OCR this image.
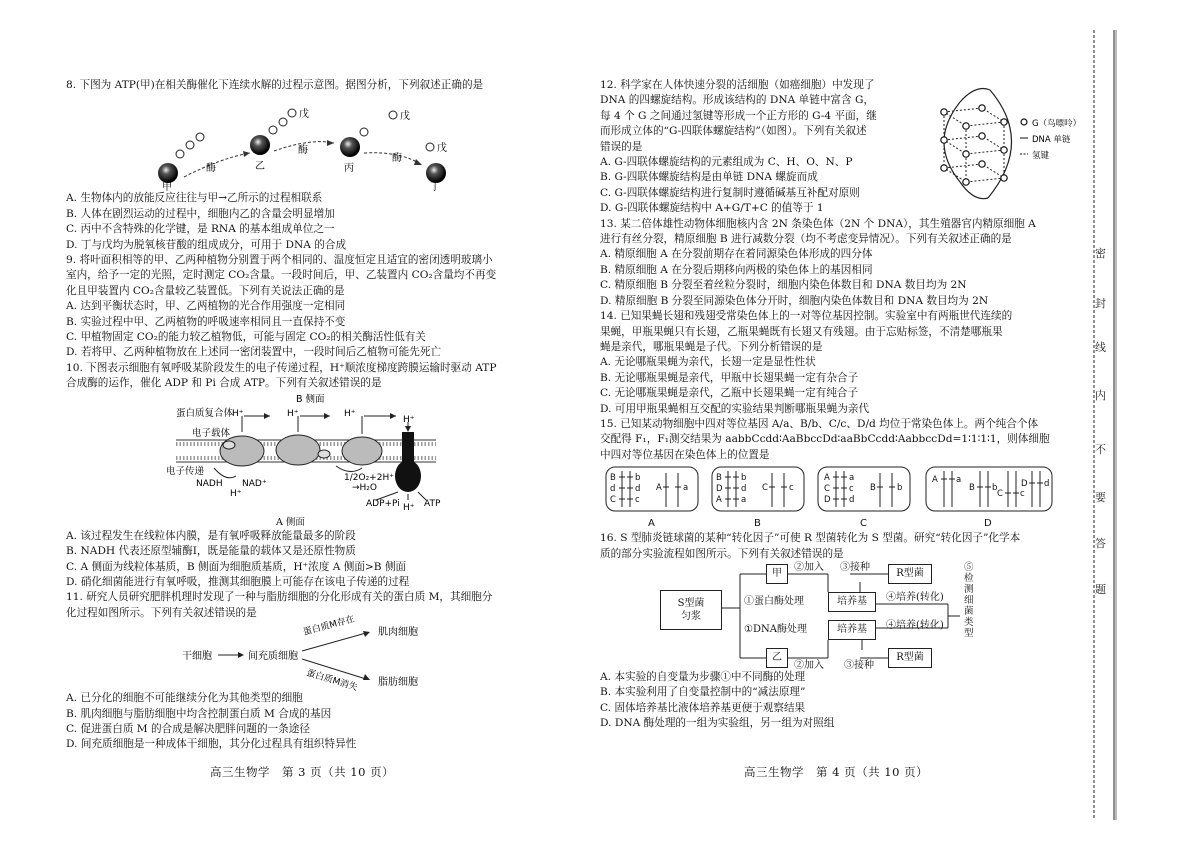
8. 下图为 ATP(甲)在相关酶催化下连续水解的过程示意图。据图分析，下列叙述正确的是
甲
乙	丙
丁
酶
酶
酶
戊	戊
戊
A. 生物体内的放能反应往往与甲→乙所示的过程相联系
B. 人体在剧烈运动的过程中，细胞内乙的含量会明显增加
C. 丙中不含特殊的化学键，是 RNA 的基本组成单位之一
D. 丁与戊均为脱氧核苷酸的组成成分，可用于 DNA 的合成
9. 将叶面积相等的甲、乙两种植物分别置于两个相同的、温度恒定且适宜的密闭透明玻璃小
室内，给予一定的光照，定时测定 CO₂含量。一段时间后，甲、乙装置内 CO₂含量均不再变
化且甲装置内 CO₂含量较乙装置低。下列有关说法正确的是
A. 达到平衡状态时，甲、乙两植物的光合作用强度一定相同
B. 实验过程中甲、乙两植物的呼吸速率相同且一直保持不变
C. 甲植物固定 CO₂的能力较乙植物低，可能与固定 CO₂的相关酶活性低有关
D. 若将甲、乙两种植物放在上述同一密闭装置中，一段时间后乙植物可能先死亡
10. 下图表示细胞有氧呼吸某阶段发生的电子传递过程，H⁺顺浓度梯度跨膜运输时驱动 ATP
合成酶的运作，催化 ADP 和 Pi 合成 ATP。下列有关叙述错误的是
B 侧面
蛋白质复合体
H⁺	H⁺	H⁺
H⁺
电子载体
电子传递
NADH NAD⁺
H⁺
1/2O₂+2H⁺
→H₂O
H⁺
ADP+Pi	ATP
A 侧面
A. 该过程发生在线粒体内膜，是有氧呼吸释放能量最多的阶段
B. NADH 代表还原型辅酶Ⅰ，既是能量的载体又是还原性物质
C. A 侧面为线粒体基质，B 侧面为细胞质基质，H⁺浓度 A 侧面>B 侧面
D. 硝化细菌能进行有氧呼吸，推测其细胞膜上可能存在该电子传递的过程
11. 研究人员研究肥胖机理时发现了一种与脂肪细胞的分化形成有关的蛋白质 M，其细胞分
化过程如图所示。下列有关叙述错误的是
干细胞	间充质细胞
蛋白质M存在
蛋白质M消失
肌肉细胞
脂肪细胞
A. 已分化的细胞不可能继续分化为其他类型的细胞
B. 肌肉细胞与脂肪细胞中均含控制蛋白质 M 合成的基因
C. 促进蛋白质 M 的合成是解决肥胖问题的一条途径
D. 间充质细胞是一种成体干细胞，其分化过程具有组织特异性
高三生物学　第 3 页（共 10 页）
12. 科学家在人体快速分裂的活细胞（如癌细胞）中发现了
DNA 的四螺旋结构。形成该结构的 DNA 单链中富含 G，
每 4 个 G 之间通过氢键等形成一个正方形的 G-4 平面，继
而形成立体的“G-四联体螺旋结构”（如图）。下列有关叙述
错误的是
A. G-四联体螺旋结构的元素组成为 C、H、O、N、P
B. G-四联体螺旋结构是由单链 DNA 螺旋而成
C. G-四联体螺旋结构进行复制时遵循碱基互补配对原则
D. G-四联体螺旋结构中 A+G/T+C 的值等于 1
G（鸟嘌呤）
DNA 单链
氢键
13. 某二倍体雄性动物体细胞核内含 2N 条染色体（2N 个 DNA），其生殖器官内精原细胞 A
进行有丝分裂，精原细胞 B 进行减数分裂（均不考虑变异情况）。下列有关叙述正确的是
A. 精原细胞 A 在分裂前期存在着同源染色体形成的四分体
B. 精原细胞 A 在分裂后期移向两极的染色体上的基因相同
C. 精原细胞 B 分裂至着丝粒分裂时，细胞内染色体数目和 DNA 数目均为 2N
D. 精原细胞 B 分裂至同源染色体分开时，细胞内染色体数目和 DNA 数目均为 2N
14. 已知果蝇长翅和残翅受常染色体上的一对等位基因控制。实验室中有两瓶世代连续的
果蝇，甲瓶果蝇只有长翅，乙瓶果蝇既有长翅又有残翅。由于忘贴标签，不清楚哪瓶果
蝇是亲代，哪瓶果蝇是子代。下列分析错误的是
A. 无论哪瓶果蝇为亲代，长翅一定是显性性状
B. 无论哪瓶果蝇是亲代，甲瓶中长翅果蝇一定有杂合子
C. 无论哪瓶果蝇是亲代，乙瓶中长翅果蝇一定有纯合子
D. 可用甲瓶果蝇相互交配的实验结果判断哪瓶果蝇为亲代
15. 已知某动物细胞中四对等位基因 A/a、B/b、C/c、D/d 均位于常染色体上。两个纯合个体
交配得 F₁，F₁测交结果为 aabbCcdd∶AaBbccDd∶aaBbCcdd∶AabbccDd=1∶1∶1∶1，则体细胞
中四对等位基因在染色体上的位置是
B b
d d
C c
A a
B b
D d
A a
C c
A a
C c
D d
B b
A a
B b
C c
D d
A	B	C	D
16. S 型肺炎链球菌的某种“转化因子”可使 R 型菌转化为 S 型菌。研究“转化因子”化学本
质的部分实验流程如图所示。下列有关叙述错误的是
S型菌
匀浆
甲
乙
培养基
培养基
R型菌
R型菌
①蛋白酶处理
①DNA酶处理
②加入 ③接种
②加入 ③接种
④培养(转化)
④培养(转化)
⑤检测细菌类型
A. 本实验的自变量为步骤①中不同酶的处理
B. 本实验利用了自变量控制中的“减法原理”
C. 固体培养基比液体培养基更便于观察结果
D. DNA 酶处理的一组为实验组，另一组为对照组
高三生物学　第 4 页（共 10 页）
密
封
线
内
不
要
答
题
